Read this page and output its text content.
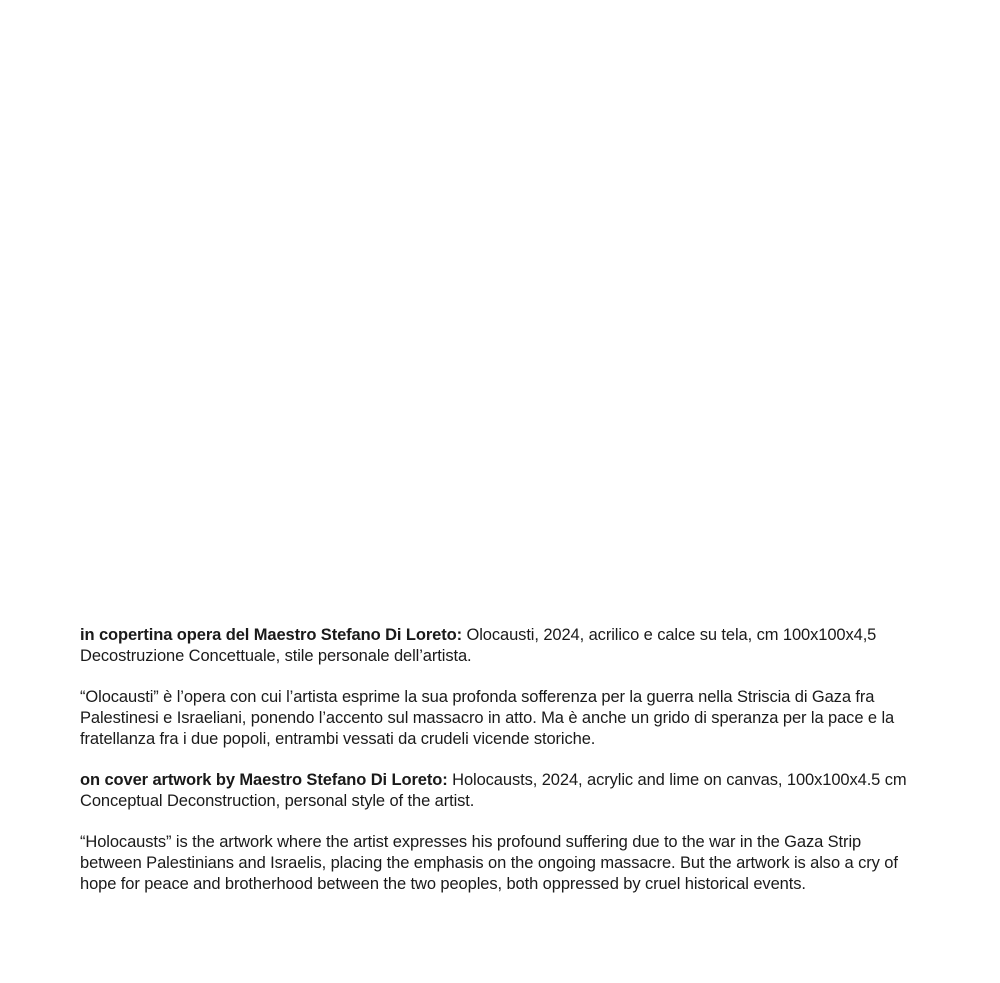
in copertina opera del Maestro Stefano Di Loreto: Olocausti, 2024, acrilico e calce su tela, cm 100x100x4,5

Decostruzione Concettuale, stile personale dell’artista.

“Olocausti” è l’opera con cui l’artista esprime la sua profonda sofferenza per la guerra nella Striscia di Gaza fra Palestinesi e Israeliani, ponendo l’accento sul massacro in atto. Ma è anche un grido di speranza per la pace e la fratellanza fra i due popoli, entrambi vessati da crudeli vicende storiche.

on cover artwork by Maestro Stefano Di Loreto: Holocausts, 2024, acrylic and lime on canvas, 100x100x4.5 cm

Conceptual Deconstruction, personal style of the artist.

“Holocausts” is the artwork where the artist expresses his profound suffering due to the war in the Gaza Strip between Palestinians and Israelis, placing the emphasis on the ongoing massacre. But the artwork is also a cry of hope for peace and brotherhood between the two peoples, both oppressed by cruel historical events.
